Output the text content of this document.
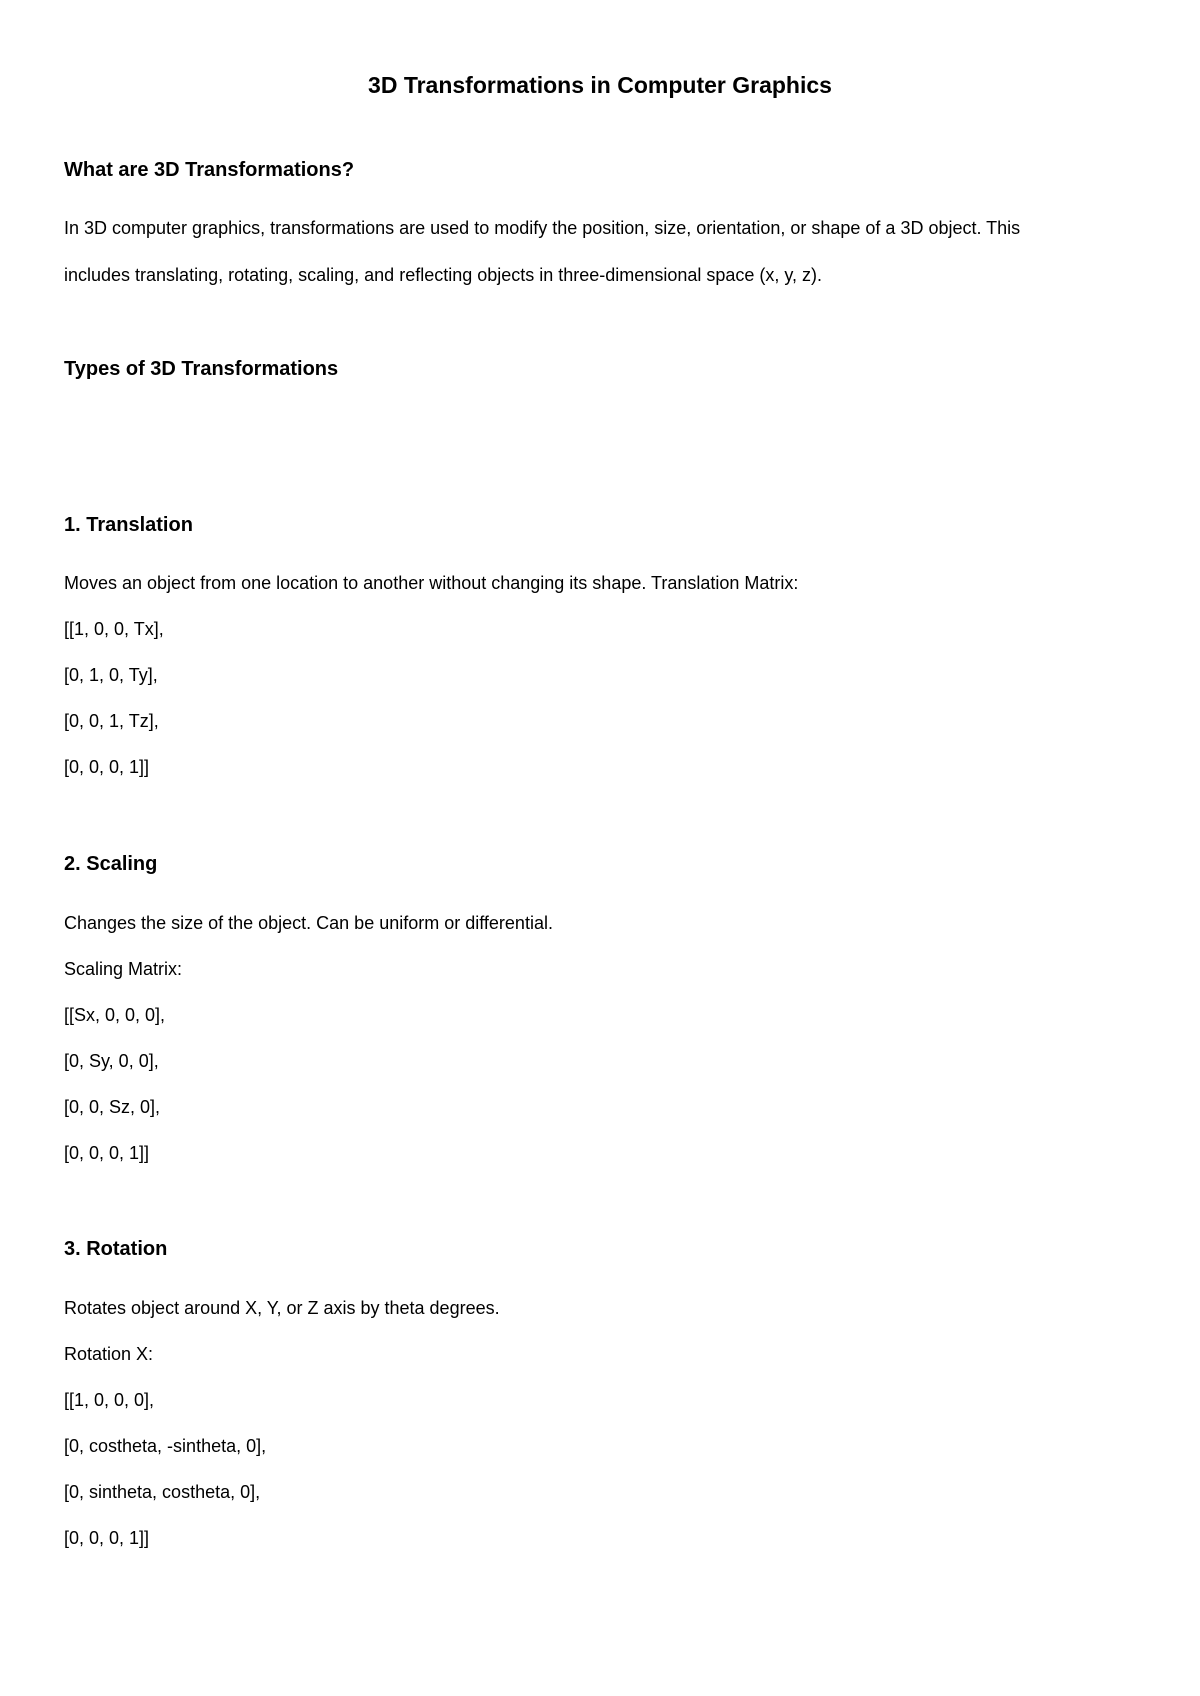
3D Transformations in Computer Graphics
What are 3D Transformations?
In 3D computer graphics, transformations are used to modify the position, size, orientation, or shape of a 3D object. This
includes translating, rotating, scaling, and reflecting objects in three-dimensional space (x, y, z).
Types of 3D Transformations
1. Translation
Moves an object from one location to another without changing its shape. Translation Matrix:
[[1, 0, 0, Tx],
[0, 1, 0, Ty],
[0, 0, 1, Tz],
[0, 0, 0, 1]]
2. Scaling
Changes the size of the object. Can be uniform or differential.
Scaling Matrix:
[[Sx, 0, 0, 0],
[0, Sy, 0, 0],
[0, 0, Sz, 0],
[0, 0, 0, 1]]
3. Rotation
Rotates object around X, Y, or Z axis by theta degrees.
Rotation X:
[[1, 0, 0, 0],
[0, costheta, -sintheta, 0],
[0, sintheta, costheta, 0],
[0, 0, 0, 1]]
